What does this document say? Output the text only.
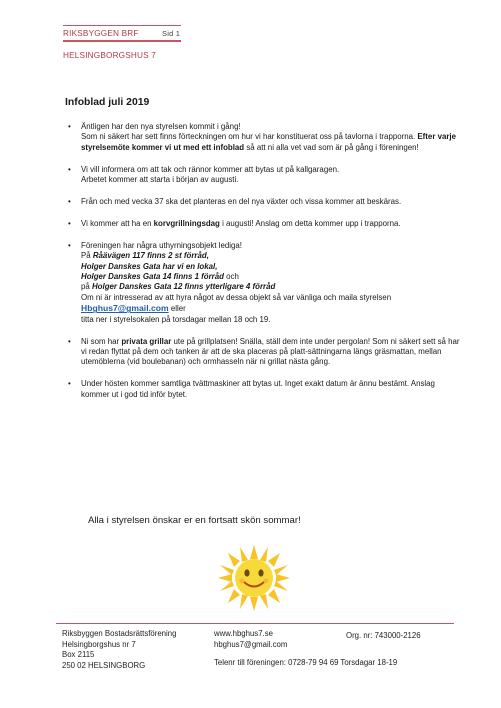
RIKSBYGGEN BRF	Sid 1
HELSINGBORGSHUS 7
Infoblad juli 2019
• Äntligen har den nya styrelsen kommit i gång!
Som ni säkert har sett finns förteckningen om hur vi har konstituerat oss på tavlorna i trapporna. Efter varje styrelsemöte kommer vi ut med ett infoblad så att ni alla vet vad som är på gång i föreningen!
• Vi vill informera om att tak och rännor kommer att bytas ut på kallgaragen.
Arbetet kommer att starta i början av augusti.
• Från och med vecka 37 ska det planteras en del nya växter och vissa kommer att beskäras.
• Vi kommer att ha en korvgrillningsdag i augusti! Anslag om detta kommer upp i trapporna.
• Föreningen har några uthyrningsobjekt lediga!
På Råävägen 117 finns 2 st förråd,
Holger Danskes Gata har vi en lokal,
Holger Danskes Gata 14 finns 1 förråd och
på Holger Danskes Gata 12 finns ytterligare 4 förråd
Om ni är intresserad av att hyra något av dessa objekt så var vänliga och maila styrelsen Hbghus7@gmail.com eller
titta ner i styrelsokalen på torsdagar mellan 18 och 19.
• Ni som har privata grillar ute på grillplatsen! Snälla, ställ dem inte under pergolan! Som ni säkert sett så har vi redan flyttat på dem och tanken är att de ska placeras på platt-sättningarna längs gräsmattan, mellan utemöblerna (vid boulebanan) och ormhasseln när ni grillat nästa gång.
• Under hösten kommer samtliga tvättmaskiner att bytas ut. Inget exakt datum är ännu bestämt. Anslag kommer ut i god tid inför bytet.
Alla i styrelsen önskar er en fortsatt skön sommar!
Riksbyggen Bostadsrättsförening
Helsingborgshus nr 7
Box 2115
250 02 HELSINGBORG
www.hbghus7.se
hbghus7@gmail.com
Org. nr: 743000-2126
Telenr till föreningen: 0728-79 94 69 Torsdagar 18-19
